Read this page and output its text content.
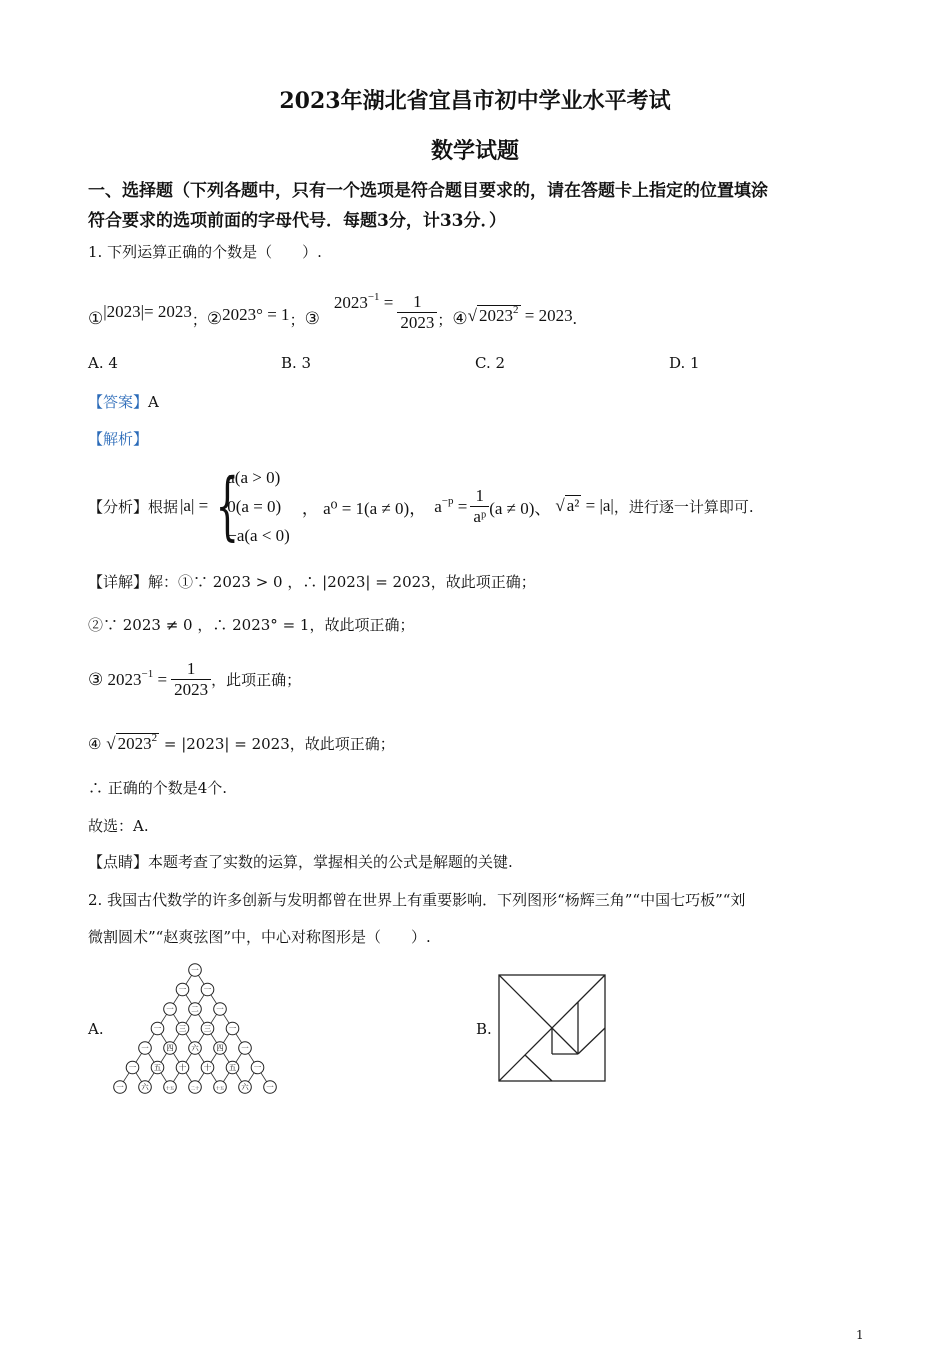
2023年湖北省宜昌市初中学业水平考试
数学试题
一、选择题（下列各题中，只有一个选项是符合题目要求的，请在答题卡上指定的位置填涂
符合要求的选项前面的字母代号．每题3分，计33分．）
1. 下列运算正确的个数是（　　）.
① |2023|= 2023 ； ② 2023° = 1 ； ③
$2023^{-1} = \frac{1}{2023}$ ； ④ √ $2023^2 = 2023$ .
A. 4	B. 3	C. 2	D. 1
【答案】A
【解析】
【分析】 根据 |a| = {
a(a > 0)
0(a = 0)
−a(a < 0)
， a⁰ = 1(a ≠ 0)， $a^{-p} = \frac{1}{\text{aᵖ}} (a \ne 0)$、 √ a² = |a| ，进行逐一计算即可.
【详解】解：①∵ 2023 > 0 ，∴ |2023| = 2023，故此项正确；
②∵ 2023 ≠ 0 ，∴ 2023° = 1，故此项正确；
③ $2023^{-1} = \frac{1}{2023}$ ，此项正确；
④ √ $2023^2 = |2023| = 2023$，故此项正确；
∴ 正确的个数是4个.
故选：A.
【点睛】本题考查了实数的运算，掌握相关的公式是解题的关键.
2. 我国古代数学的许多创新与发明都曾在世界上有重要影响．下列图形“杨辉三角”“中国七巧板”“刘
微割圆术”“赵爽弦图”中，中心对称图形是（　　）.
A.
一
一 一
一 二 一
一 三 三 一
一 四 六 四 一
一 五 十 十 五 一
一 六	十五	二十	十五 六 一
B.
1
